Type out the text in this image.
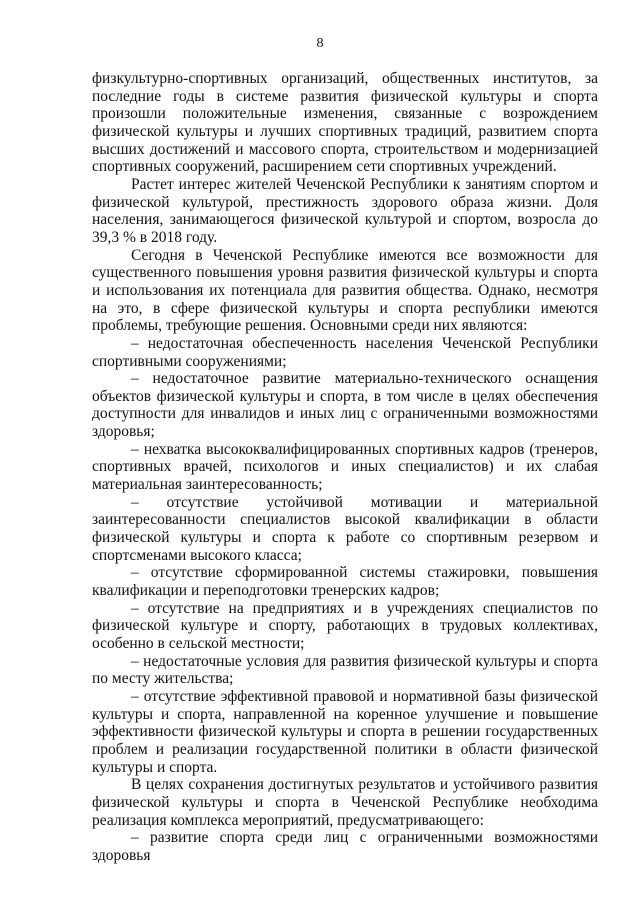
8

физкультурно-спортивных организаций, общественных институтов, за последние годы в системе развития физической культуры и спорта произошли положительные изменения, связанные с возрождением физической культуры и лучших спортивных традиций, развитием спорта высших достижений и массового спорта, строительством и модернизацией спортивных сооружений, расширением сети спортивных учреждений.

Растет интерес жителей Чеченской Республики к занятиям спортом и физической культурой, престижность здорового образа жизни. Доля населения, занимающегося физической культурой и спортом, возросла до 39,3 % в 2018 году.

Сегодня в Чеченской Республике имеются все возможности для существенного повышения уровня развития физической культуры и спорта и использования их потенциала для развития общества. Однако, несмотря на это, в сфере физической культуры и спорта республики имеются проблемы, требующие решения. Основными среди них являются:

– недостаточная обеспеченность населения Чеченской Республики спортивными сооружениями;

– недостаточное развитие материально-технического оснащения объектов физической культуры и спорта, в том числе в целях обеспечения доступности для инвалидов и иных лиц с ограниченными возможностями здоровья;

– нехватка высококвалифицированных спортивных кадров (тренеров, спортивных врачей, психологов и иных специалистов) и их слабая материальная заинтересованность;

– отсутствие устойчивой мотивации и материальной заинтересованности специалистов высокой квалификации в области физической культуры и спорта к работе со спортивным резервом и спортсменами высокого класса;

– отсутствие сформированной системы стажировки, повышения квалификации и переподготовки тренерских кадров;

– отсутствие на предприятиях и в учреждениях специалистов по физической культуре и спорту, работающих в трудовых коллективах, особенно в сельской местности;

– недостаточные условия для развития физической культуры и спорта по месту жительства;

– отсутствие эффективной правовой и нормативной базы физической культуры и спорта, направленной на коренное улучшение и повышение эффективности физической культуры и спорта в решении государственных проблем и реализации государственной политики в области физической культуры и спорта.

В целях сохранения достигнутых результатов и устойчивого развития физической культуры и спорта в Чеченской Республике необходима реализация комплекса мероприятий, предусматривающего:

– развитие спорта среди лиц с ограниченными возможностями здоровья
